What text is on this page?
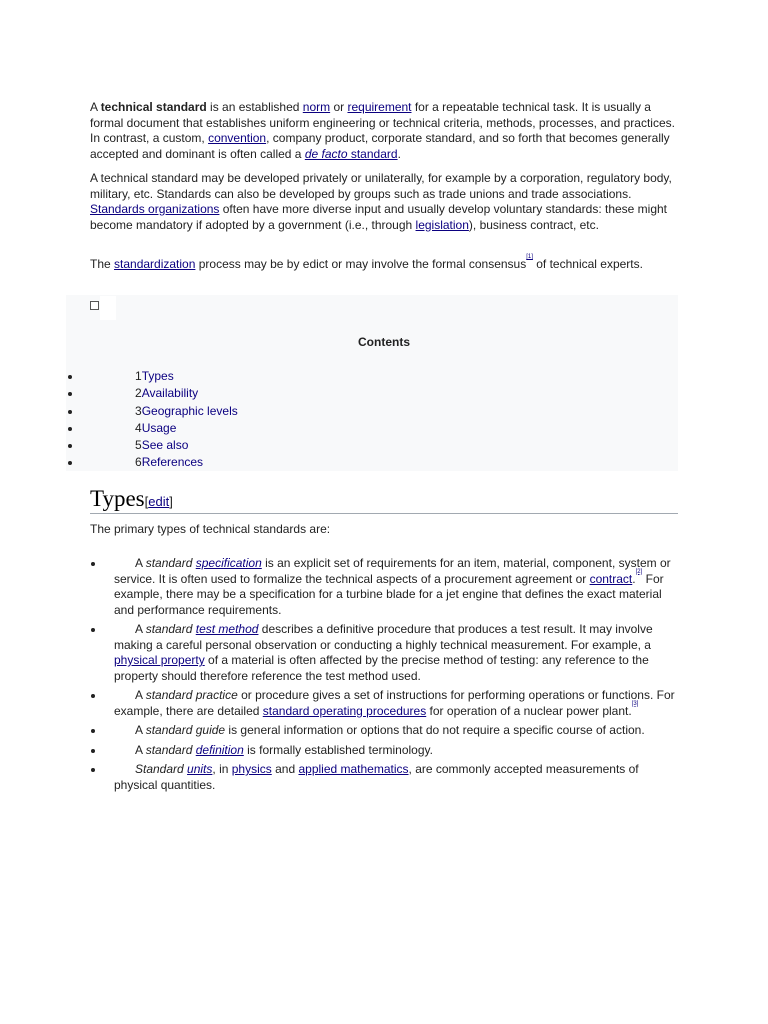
A technical standard is an established norm or requirement for a repeatable technical task. It is usually a formal document that establishes uniform engineering or technical criteria, methods, processes, and practices. In contrast, a custom, convention, company product, corporate standard, and so forth that becomes generally accepted and dominant is often called a de facto standard.

A technical standard may be developed privately or unilaterally, for example by a corporation, regulatory body, military, etc. Standards can also be developed by groups such as trade unions and trade associations. Standards organizations often have more diverse input and usually develop voluntary standards: these might become mandatory if adopted by a government (i.e., through legislation), business contract, etc.

The standardization process may be by edict or may involve the formal consensus[1] of technical experts.

Contents
1Types
2Availability
3Geographic levels
4Usage
5See also
6References
Types[edit]
The primary types of technical standards are:
A standard specification is an explicit set of requirements for an item, material, component, system or service. It is often used to formalize the technical aspects of a procurement agreement or contract.[2] For example, there may be a specification for a turbine blade for a jet engine that defines the exact material and performance requirements.
A standard test method describes a definitive procedure that produces a test result. It may involve making a careful personal observation or conducting a highly technical measurement. For example, a physical property of a material is often affected by the precise method of testing: any reference to the property should therefore reference the test method used.
A standard practice or procedure gives a set of instructions for performing operations or functions. For example, there are detailed standard operating procedures for operation of a nuclear power plant.[3]
A standard guide is general information or options that do not require a specific course of action.
A standard definition is formally established terminology.
Standard units, in physics and applied mathematics, are commonly accepted measurements of physical quantities.
